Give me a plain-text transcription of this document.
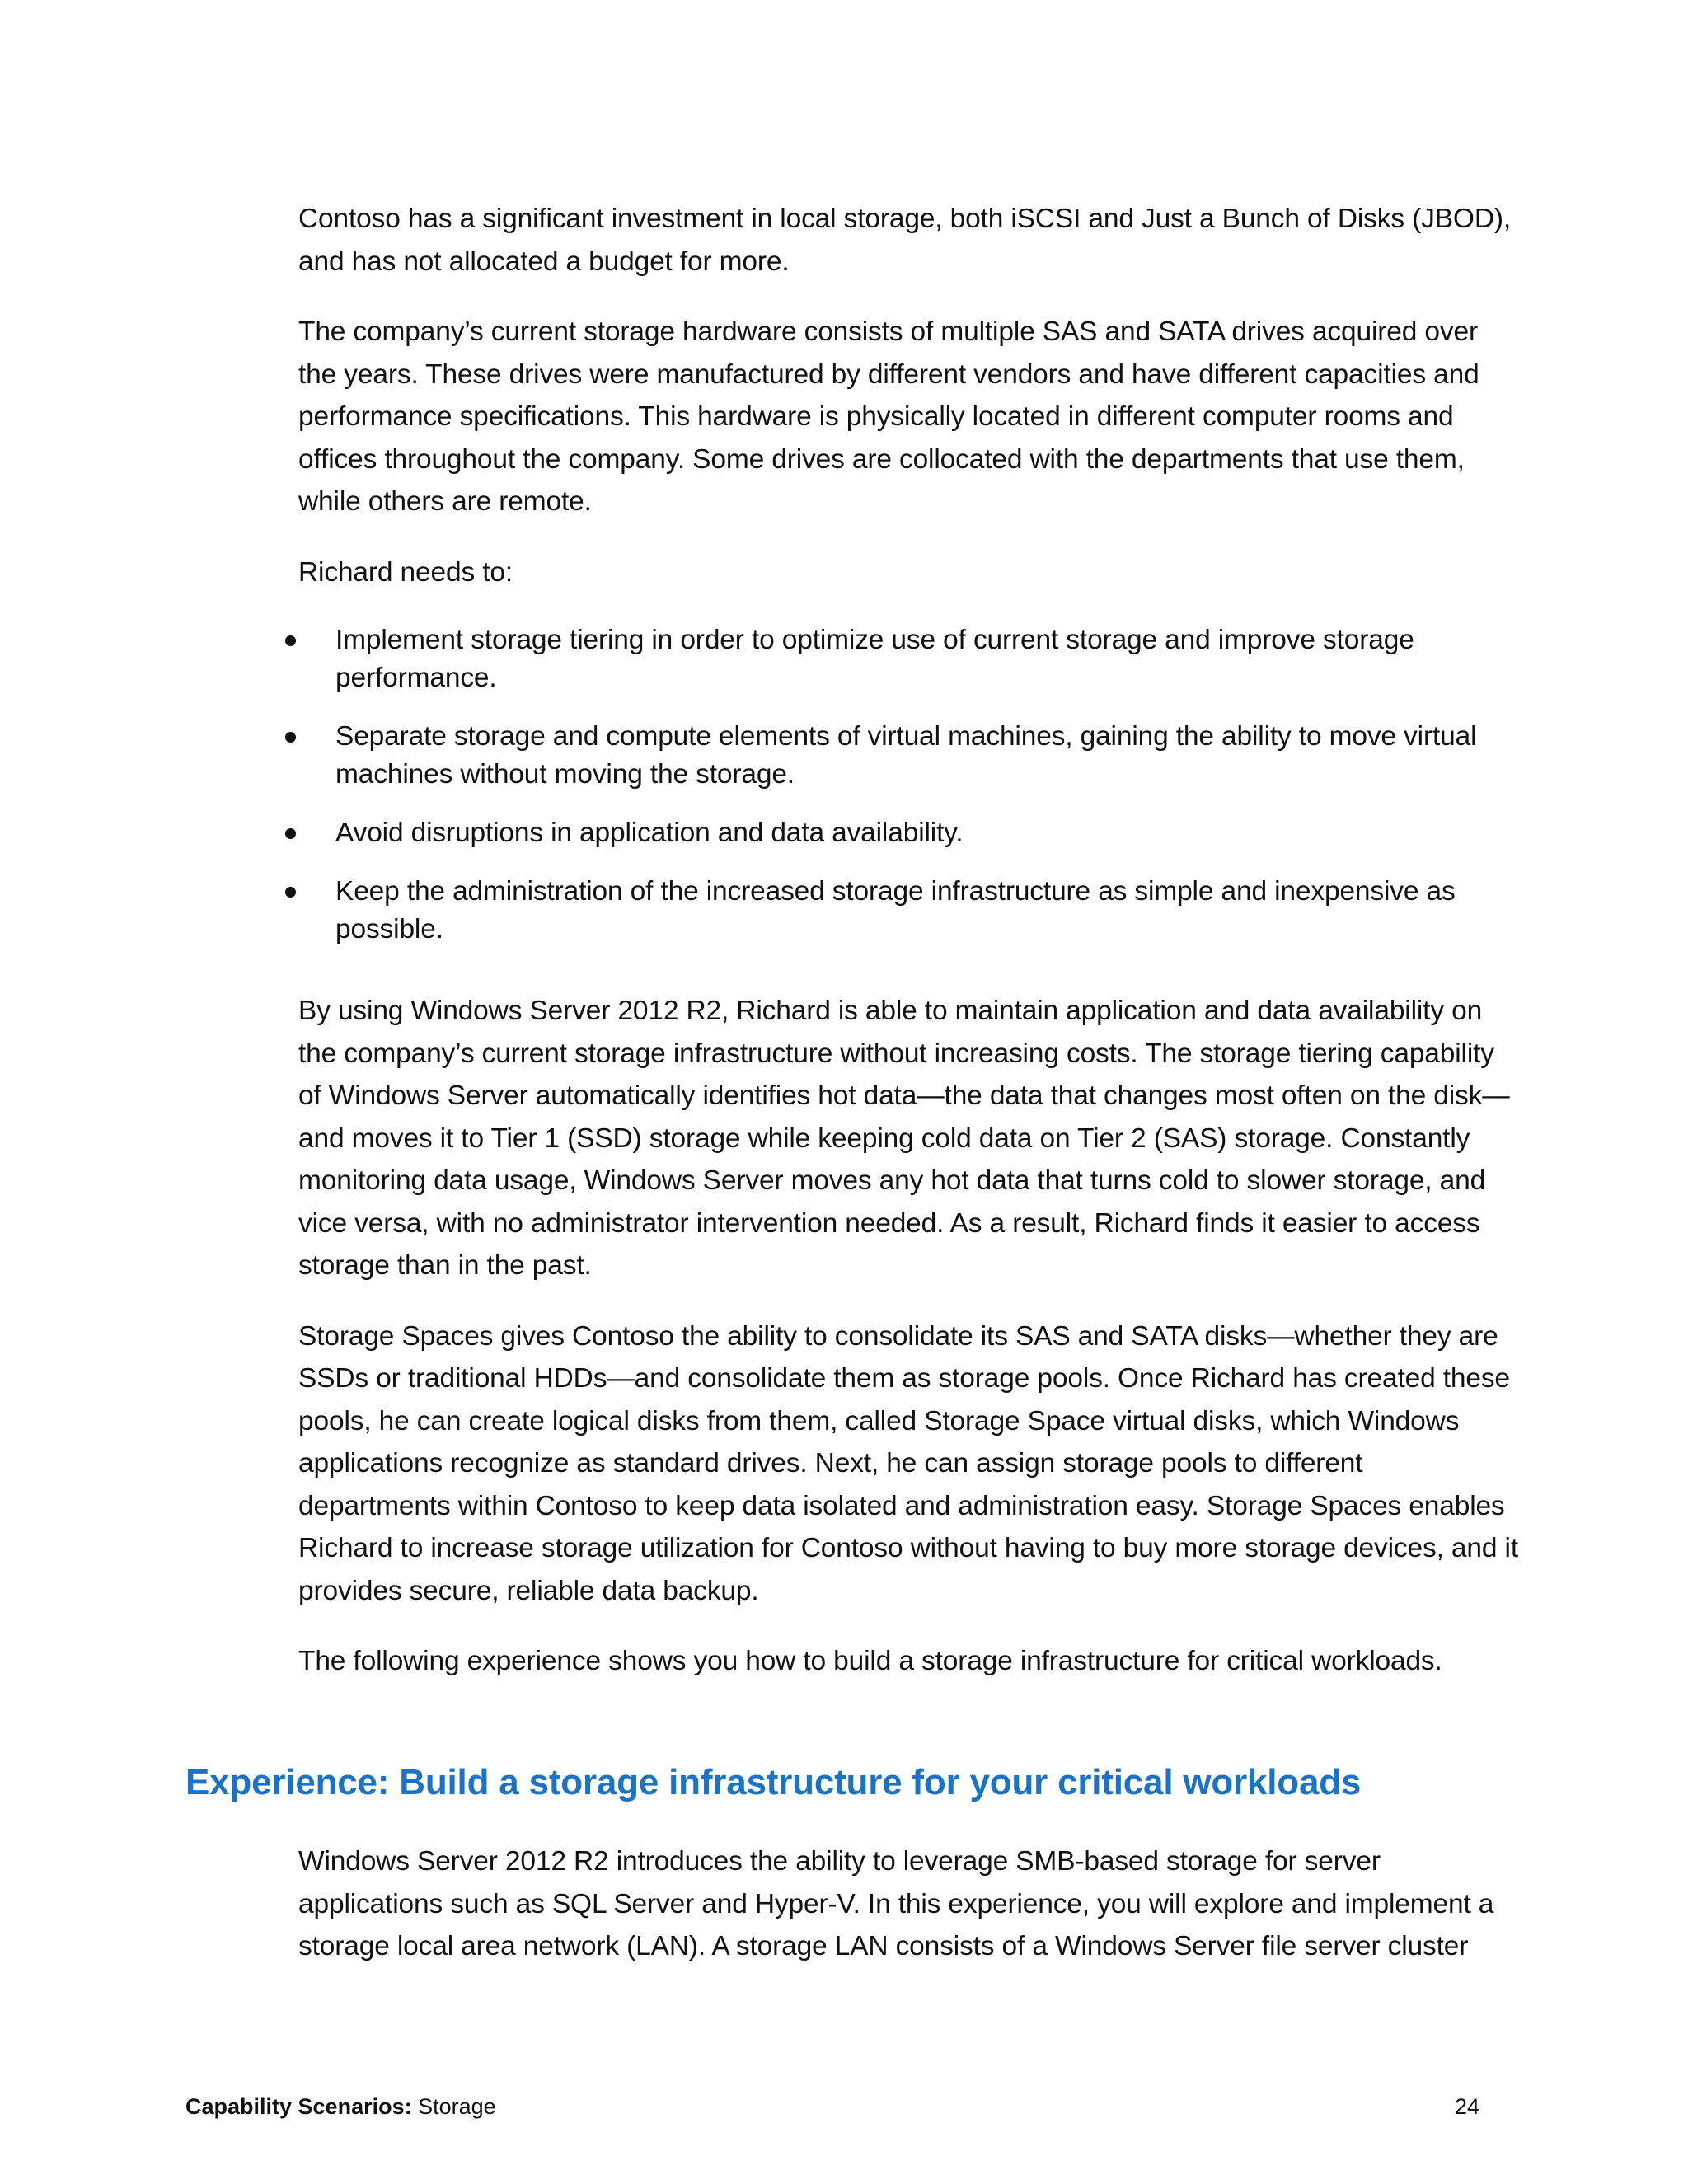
Contoso has a significant investment in local storage, both iSCSI and Just a Bunch of Disks (JBOD), and has not allocated a budget for more.

The company’s current storage hardware consists of multiple SAS and SATA drives acquired over the years. These drives were manufactured by different vendors and have different capacities and performance specifications. This hardware is physically located in different computer rooms and offices throughout the company. Some drives are collocated with the departments that use them, while others are remote.

Richard needs to:

Implement storage tiering in order to optimize use of current storage and improve storage performance.
Separate storage and compute elements of virtual machines, gaining the ability to move virtual machines without moving the storage.
Avoid disruptions in application and data availability.
Keep the administration of the increased storage infrastructure as simple and inexpensive as possible.

By using Windows Server 2012 R2, Richard is able to maintain application and data availability on the company’s current storage infrastructure without increasing costs. The storage tiering capability of Windows Server automatically identifies hot data—the data that changes most often on the disk—and moves it to Tier 1 (SSD) storage while keeping cold data on Tier 2 (SAS) storage. Constantly monitoring data usage, Windows Server moves any hot data that turns cold to slower storage, and vice versa, with no administrator intervention needed. As a result, Richard finds it easier to access storage than in the past.

Storage Spaces gives Contoso the ability to consolidate its SAS and SATA disks—whether they are SSDs or traditional HDDs—and consolidate them as storage pools. Once Richard has created these pools, he can create logical disks from them, called Storage Space virtual disks, which Windows applications recognize as standard drives. Next, he can assign storage pools to different departments within Contoso to keep data isolated and administration easy. Storage Spaces enables Richard to increase storage utilization for Contoso without having to buy more storage devices, and it provides secure, reliable data backup.

The following experience shows you how to build a storage infrastructure for critical workloads.

Experience: Build a storage infrastructure for your critical workloads

Windows Server 2012 R2 introduces the ability to leverage SMB-based storage for server applications such as SQL Server and Hyper-V. In this experience, you will explore and implement a storage local area network (LAN). A storage LAN consists of a Windows Server file server cluster

Capability Scenarios: Storage	24
